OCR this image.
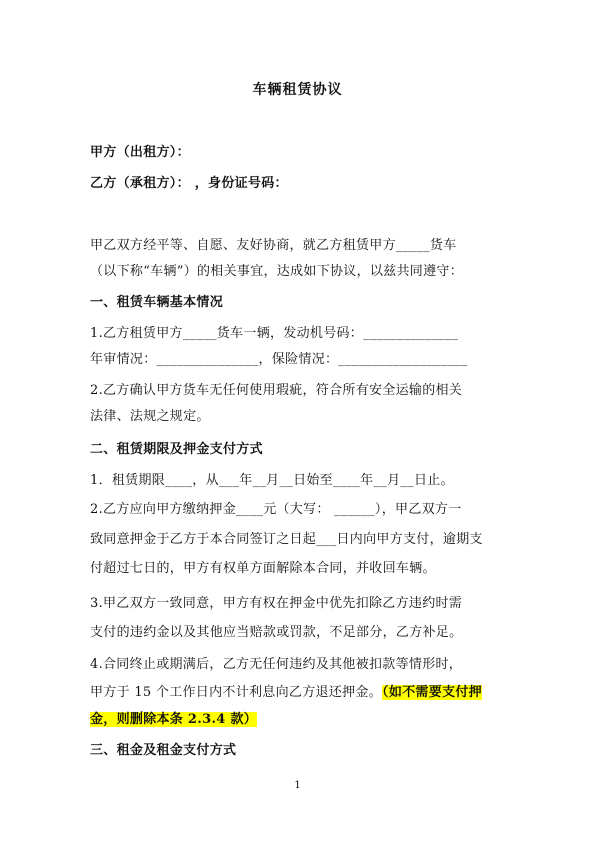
车辆租赁协议
甲方（出租方）：
乙方（承租方）： ，身份证号码：
甲乙双方经平等、自愿、友好协商，就乙方租赁甲方_____货车
（以下称“车辆”）的相关事宜，达成如下协议，以兹共同遵守：
一、租赁车辆基本情况
1.乙方租赁甲方_____货车一辆，发动机号码：______________
年审情况：_______________，保险情况：___________________
2.乙方确认甲方货车无任何使用瑕疵，符合所有安全运输的相关
法律、法规之规定。
二、租赁期限及押金支付方式
1．租赁期限____，从___年__月__日始至____年__月__日止。
2.乙方应向甲方缴纳押金____元（大写： ______），甲乙双方一
致同意押金于乙方于本合同签订之日起___日内向甲方支付，逾期支
付超过七日的，甲方有权单方面解除本合同，并收回车辆。
3.甲乙双方一致同意，甲方有权在押金中优先扣除乙方违约时需
支付的违约金以及其他应当赔款或罚款，不足部分，乙方补足。
4.合同终止或期满后，乙方无任何违约及其他被扣款等情形时，
甲方于 15 个工作日内不计利息向乙方退还押金。（如不需要支付押
金，则删除本条 2.3.4 款）
三、租金及租金支付方式
1
